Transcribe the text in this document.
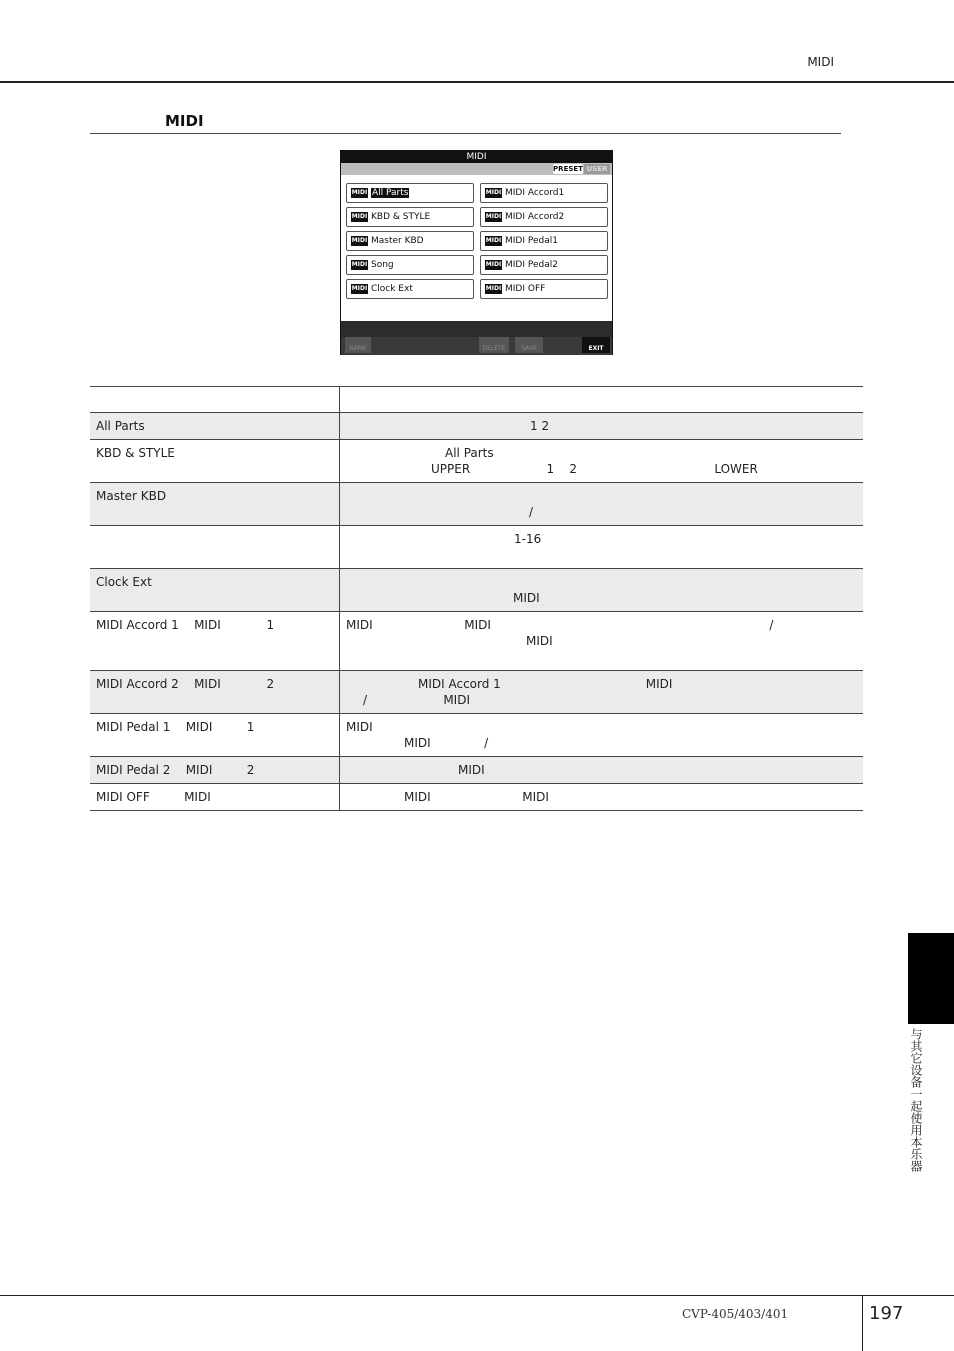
MIDI
MIDI
MIDI
PRESET USER
MIDI All Parts
MIDI KBD & STYLE
MIDI Master KBD
MIDI Song
MIDI Clock Ext
MIDI MIDI Accord1
MIDI MIDI Accord2
MIDI MIDI Pedal1
MIDI MIDI Pedal2
MIDI MIDI OFF
NAME	DELETE	SAVE	EXIT

All Parts	1 2

KBD & STYLE	All Parts
UPPER                    1    2                                    LOWER

Master KBD	/

	1-16

Clock Ext	MIDI

MIDI Accord 1    MIDI            1	MIDI                        MIDI                                                                         /
MIDI

MIDI Accord 2    MIDI            2	MIDI Accord 1                                      MIDI
/                    MIDI

MIDI Pedal 1    MIDI         1	MIDI
MIDI              /

MIDI Pedal 2    MIDI         2	MIDI

MIDI OFF         MIDI	MIDI                        MIDI
与其它设备一起使用本乐器
CVP-405/403/401	197
